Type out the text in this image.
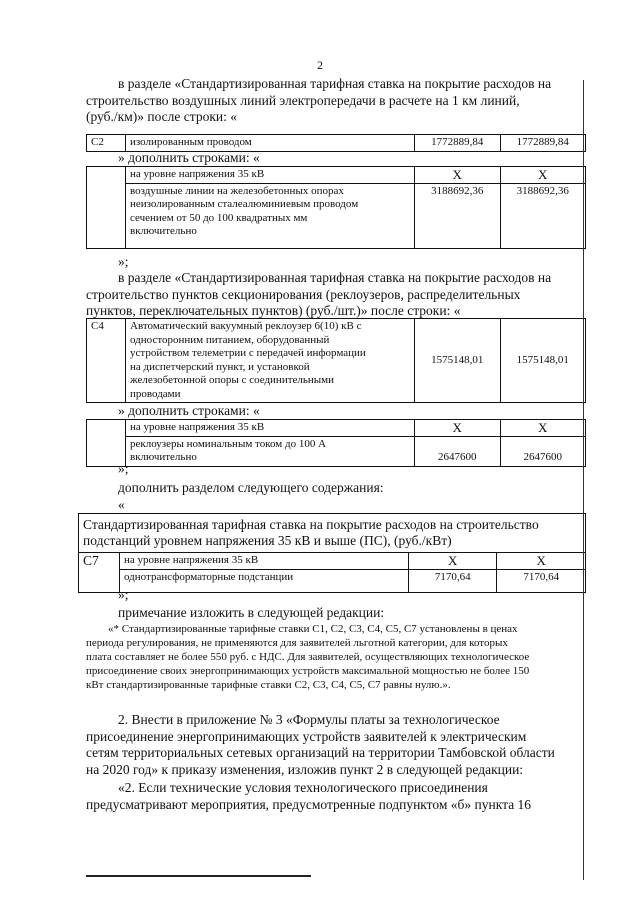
2
в разделе «Стандартизированная тарифная ставка на покрытие расходов на
строительство воздушных линий электропередачи в расчете на 1 км линий,
(руб./км)» после строки: «
С2	изолированным проводом	1772889,84	1772889,84
» дополнить строками: «
	на уровне напряжения 35 кВ	Х	Х

	воздушные линии на железобетонных опорах
неизолированным сталеалюминиевым проводом
сечением от 50 до 100 квадратных мм
включительно	3188692,36	3188692,36
»;
в разделе «Стандартизированная тарифная ставка на покрытие расходов на
строительство пунктов секционирования (реклоузеров, распределительных
пунктов, переключательных пунктов) (руб./шт.)» после строки: «
С4	Автоматический вакуумный реклоузер 6(10) кВ с
односторонним питанием, оборудованный
устройством телеметрии с передачей информации
на диспетчерский пункт, и установкой
железобетонной опоры с соединительными
проводами
	1575148,01	1575148,01
» дополнить строками: «
	на уровне напряжения 35 кВ	Х	Х

	реклоузеры номинальным током до 100 А
включительно	2647600	2647600
»;
дополнить разделом следующего содержания:
«
Стандартизированная тарифная ставка на покрытие расходов на строительство
подстанций уровнем напряжения 35 кВ и выше (ПС), (руб./кВт)			

С7	на уровне напряжения 35 кВ	Х	Х
	однотрансформаторные подстанции	7170,64	7170,64
»;
примечание изложить в следующей редакции:
«* Стандартизированные тарифные ставки С1, С2, С3, С4, С5, С7 установлены в ценах
периода регулирования, не применяются для заявителей льготной категории, для которых
плата составляет не более 550 руб. с НДС. Для заявителей, осуществляющих технологическое
присоединение своих энергопринимающих устройств максимальной мощностью не более 150
кВт стандартизированные тарифные ставки С2, С3, С4, С5, С7 равны нулю.».
2. Внести в приложение № 3 «Формулы платы за технологическое
присоединение энергопринимающих устройств заявителей к электрическим
сетям территориальных сетевых организаций на территории Тамбовской области
на 2020 год» к приказу изменения, изложив пункт 2 в следующей редакции:
«2. Если технические условия технологического присоединения
предусматривают мероприятия, предусмотренные подпунктом «б» пункта 16
